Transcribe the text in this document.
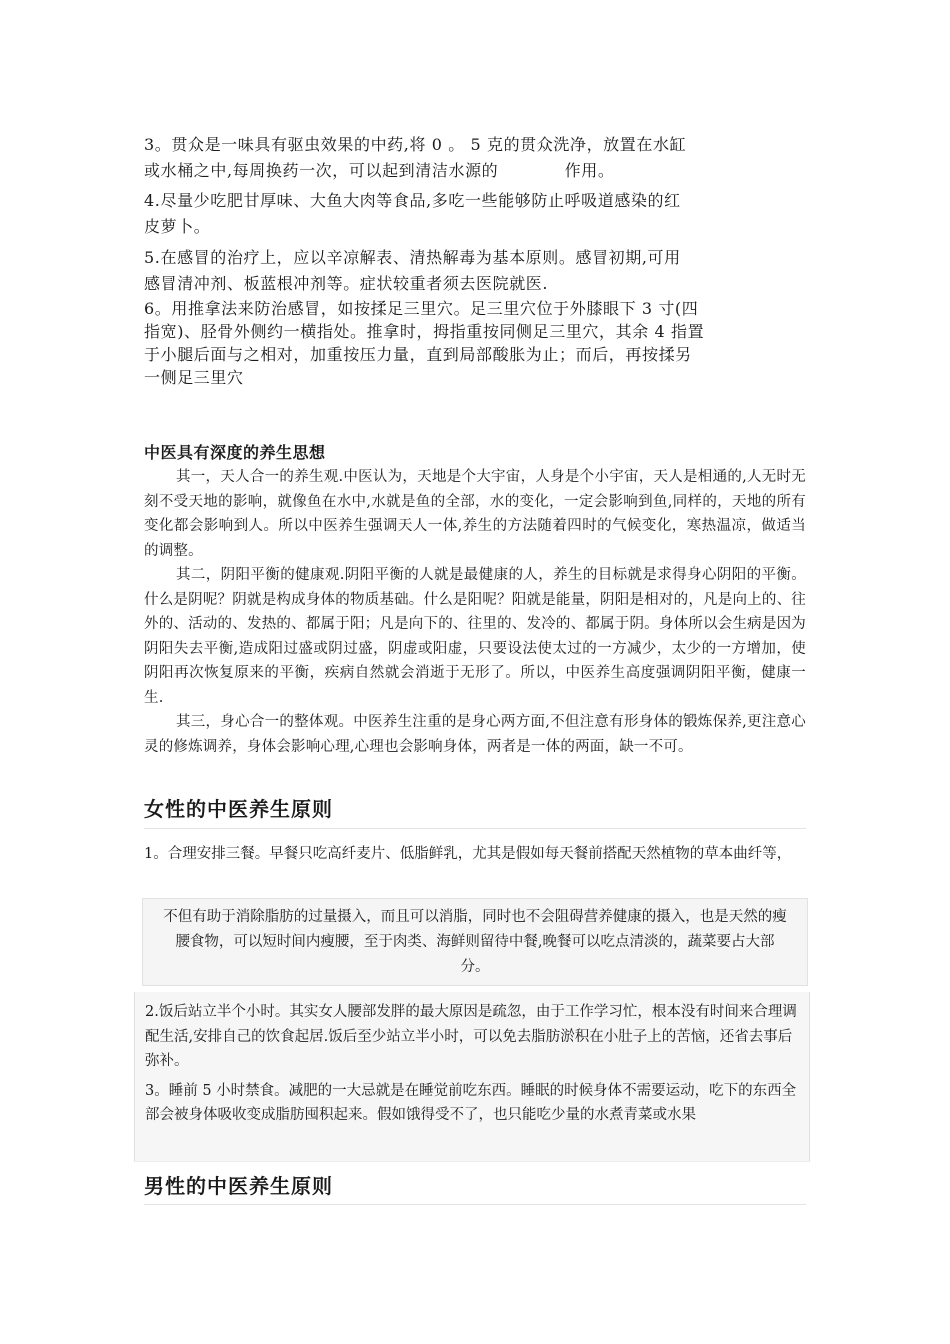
3。贯众是一味具有驱虫效果的中药,将 0 。 5 克的贯众洗净，放置在水缸
或水桶之中,每周换药一次，可以起到清洁水源的　　　　作用。
4.尽量少吃肥甘厚味、大鱼大肉等食品,多吃一些能够防止呼吸道感染的红
皮萝卜。
5.在感冒的治疗上，应以辛凉解表、清热解毒为基本原则。感冒初期,可用
感冒清冲剂、板蓝根冲剂等。症状较重者须去医院就医.
6。用推拿法来防治感冒，如按揉足三里穴。足三里穴位于外膝眼下 3 寸(四
指宽)、胫骨外侧约一横指处。推拿时，拇指重按同侧足三里穴，其余 4 指置
于小腿后面与之相对，加重按压力量，直到局部酸胀为止；而后，再按揉另
一侧足三里穴
中医具有深度的养生思想

其一，天人合一的养生观.中医认为，天地是个大宇宙，人身是个小宇宙，天人是相通的,人无时无刻不受天地的影响，就像鱼在水中,水就是鱼的全部，水的变化，一定会影响到鱼,同样的，天地的所有变化都会影响到人。所以中医养生强调天人一体,养生的方法随着四时的气候变化，寒热温凉，做适当的调整。

其二，阴阳平衡的健康观.阴阳平衡的人就是最健康的人，养生的目标就是求得身心阴阳的平衡。什么是阴呢？阴就是构成身体的物质基础。什么是阳呢？阳就是能量，阴阳是相对的，凡是向上的、往外的、活动的、发热的、都属于阳；凡是向下的、往里的、发冷的、都属于阴。身体所以会生病是因为阴阳失去平衡,造成阳过盛或阴过盛，阴虚或阳虚，只要设法使太过的一方减少，太少的一方增加，使阴阳再次恢复原来的平衡，疾病自然就会消逝于无形了。所以，中医养生高度强调阴阳平衡，健康一生.

其三，身心合一的整体观。中医养生注重的是身心两方面,不但注意有形身体的锻炼保养,更注意心灵的修炼调养，身体会影响心理,心理也会影响身体，两者是一体的两面，缺一不可。

女性的中医养生原则
1。合理安排三餐。早餐只吃高纤麦片、低脂鲜乳，尤其是假如每天餐前搭配天然植物的草本曲纤等，
不但有助于消除脂肪的过量摄入，而且可以消脂，同时也不会阻碍营养健康的摄入，也是天然的瘦腰食物，可以短时间内瘦腰，至于肉类、海鲜则留待中餐,晚餐可以吃点清淡的，蔬菜要占大部分。

2.饭后站立半个小时。其实女人腰部发胖的最大原因是疏忽，由于工作学习忙，根本没有时间来合理调配生活,安排自己的饮食起居.饭后至少站立半小时，可以免去脂肪淤积在小肚子上的苦恼，还省去事后弥补。

3。睡前 5 小时禁食。减肥的一大忌就是在睡觉前吃东西。睡眠的时候身体不需要运动，吃下的东西全部会被身体吸收变成脂肪囤积起来。假如饿得受不了，也只能吃少量的水煮青菜或水果

男性的中医养生原则
